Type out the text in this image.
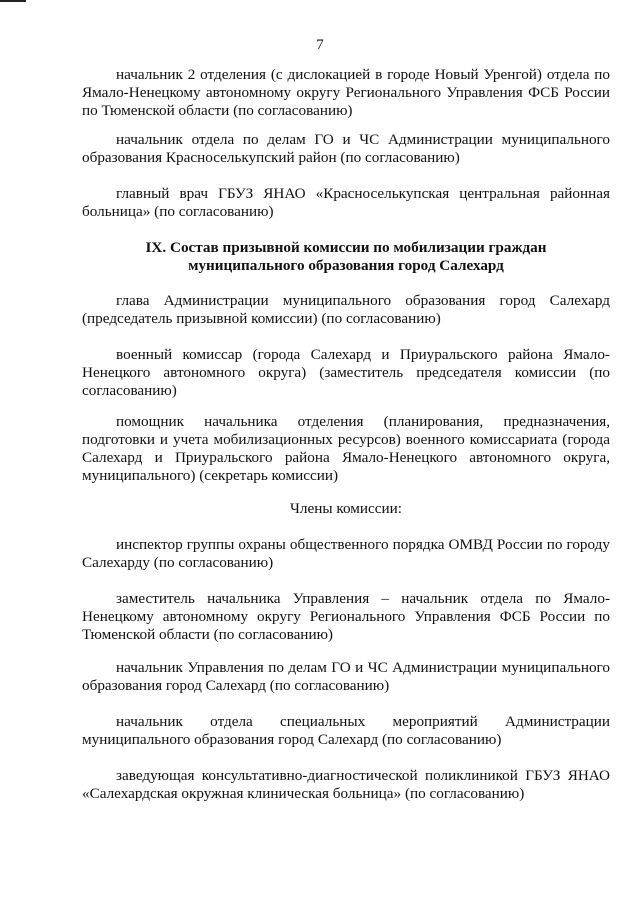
7

начальник 2 отделения (с дислокацией в городе Новый Уренгой) отдела по Ямало-Ненецкому автономному округу Регионального Управления ФСБ России по Тюменской области (по согласованию)

начальник отдела по делам ГО и ЧС Администрации муниципального образования Красноселькупский район (по согласованию)

главный врач ГБУЗ ЯНАО «Красноселькупская центральная районная больница» (по согласованию)

IX. Состав призывной комиссии по мобилизации граждан
муниципального образования город Салехард

глава Администрации муниципального образования город Салехард (председатель призывной комиссии) (по согласованию)

военный комиссар (города Салехард и Приуральского района Ямало-Ненецкого автономного округа) (заместитель председателя комиссии (по согласованию)

помощник начальника отделения (планирования, предназначения, подготовки и учета мобилизационных ресурсов) военного комиссариата (города Салехард и Приуральского района Ямало-Ненецкого автономного округа, муниципального) (секретарь комиссии)

Члены комиссии:

инспектор группы охраны общественного порядка ОМВД России по городу Салехарду (по согласованию)

заместитель начальника Управления – начальник отдела по Ямало-Ненецкому автономному округу Регионального Управления ФСБ России по Тюменской области (по согласованию)

начальник Управления по делам ГО и ЧС Администрации муниципального образования город Салехард (по согласованию)

начальник отдела специальных мероприятий Администрации муниципального образования город Салехард (по согласованию)

заведующая консультативно-диагностической поликлиникой ГБУЗ ЯНАО «Салехардская окружная клиническая больница» (по согласованию)
